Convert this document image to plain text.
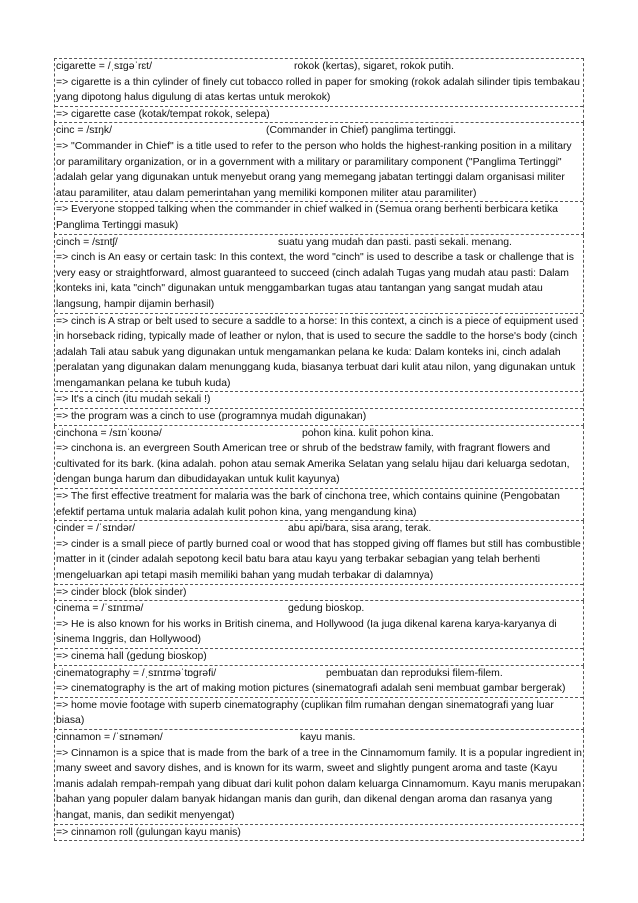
cigarette = /ˌsɪgəˈrɛt/	rokok (kertas), sigaret, rokok putih.
=> cigarette is a thin cylinder of finely cut tobacco rolled in paper for smoking (rokok adalah silinder tipis tembakau yang dipotong halus digulung di atas kertas untuk merokok)
=> cigarette case (kotak/tempat rokok, selepa)
cinc = /sɪŋk/	(Commander in Chief) panglima tertinggi.
=> "Commander in Chief" is a title used to refer to the person who holds the highest-ranking position in a military or paramilitary organization, or in a government with a military or paramilitary component ("Panglima Tertinggi" adalah gelar yang digunakan untuk menyebut orang yang memegang jabatan tertinggi dalam organisasi militer atau paramiliter, atau dalam pemerintahan yang memiliki komponen militer atau paramiliter)
=> Everyone stopped talking when the commander in chief walked in (Semua orang berhenti berbicara ketika Panglima Tertinggi masuk)
cinch = /sɪntʃ/	suatu yang mudah dan pasti. pasti sekali. menang.
=> cinch is An easy or certain task: In this context, the word "cinch" is used to describe a task or challenge that is very easy or straightforward, almost guaranteed to succeed (cinch adalah Tugas yang mudah atau pasti: Dalam konteks ini, kata "cinch" digunakan untuk menggambarkan tugas atau tantangan yang sangat mudah atau langsung, hampir dijamin berhasil)
=> cinch is A strap or belt used to secure a saddle to a horse: In this context, a cinch is a piece of equipment used in horseback riding, typically made of leather or nylon, that is used to secure the saddle to the horse's body (cinch adalah Tali atau sabuk yang digunakan untuk mengamankan pelana ke kuda: Dalam konteks ini, cinch adalah peralatan yang digunakan dalam menunggang kuda, biasanya terbuat dari kulit atau nilon, yang digunakan untuk mengamankan pelana ke tubuh kuda)
=> It's a cinch (itu mudah sekali !)
=> the program was a cinch to use (programnya mudah digunakan)
cinchona = /sɪnˈkoʊnə/	pohon kina. kulit pohon kina.
=> cinchona is. an evergreen South American tree or shrub of the bedstraw family, with fragrant flowers and cultivated for its bark. (kina adalah. pohon atau semak Amerika Selatan yang selalu hijau dari keluarga sedotan, dengan bunga harum dan dibudidayakan untuk kulit kayunya)
=> The first effective treatment for malaria was the bark of cinchona tree, which contains quinine (Pengobatan efektif pertama untuk malaria adalah kulit pohon kina, yang mengandung kina)
cinder = /ˈsɪndər/	abu api/bara, sisa arang, terak.
=> cinder is a small piece of partly burned coal or wood that has stopped giving off flames but still has combustible matter in it (cinder adalah sepotong kecil batu bara atau kayu yang terbakar sebagian yang telah berhenti mengeluarkan api tetapi masih memiliki bahan yang mudah terbakar di dalamnya)
=> cinder block (blok sinder)
cinema = /ˈsɪnɪmə/	gedung bioskop.
=> He is also known for his works in British cinema, and Hollywood (Ia juga dikenal karena karya-karyanya di sinema Inggris, dan Hollywood)
=> cinema hall (gedung bioskop)
cinematography = /ˌsɪnɪməˈtɒgrəfi/	pembuatan dan reproduksi filem-filem.
=> cinematography is the art of making motion pictures (sinematografi adalah seni membuat gambar bergerak)
=> home movie footage with superb cinematography (cuplikan film rumahan dengan sinematografi yang luar biasa)
cinnamon = /ˈsɪnəmən/	kayu manis.
=> Cinnamon is a spice that is made from the bark of a tree in the Cinnamomum family. It is a popular ingredient in many sweet and savory dishes, and is known for its warm, sweet and slightly pungent aroma and taste (Kayu manis adalah rempah-rempah yang dibuat dari kulit pohon dalam keluarga Cinnamomum. Kayu manis merupakan bahan yang populer dalam banyak hidangan manis dan gurih, dan dikenal dengan aroma dan rasanya yang hangat, manis, dan sedikit menyengat)
=> cinnamon roll (gulungan kayu manis)
